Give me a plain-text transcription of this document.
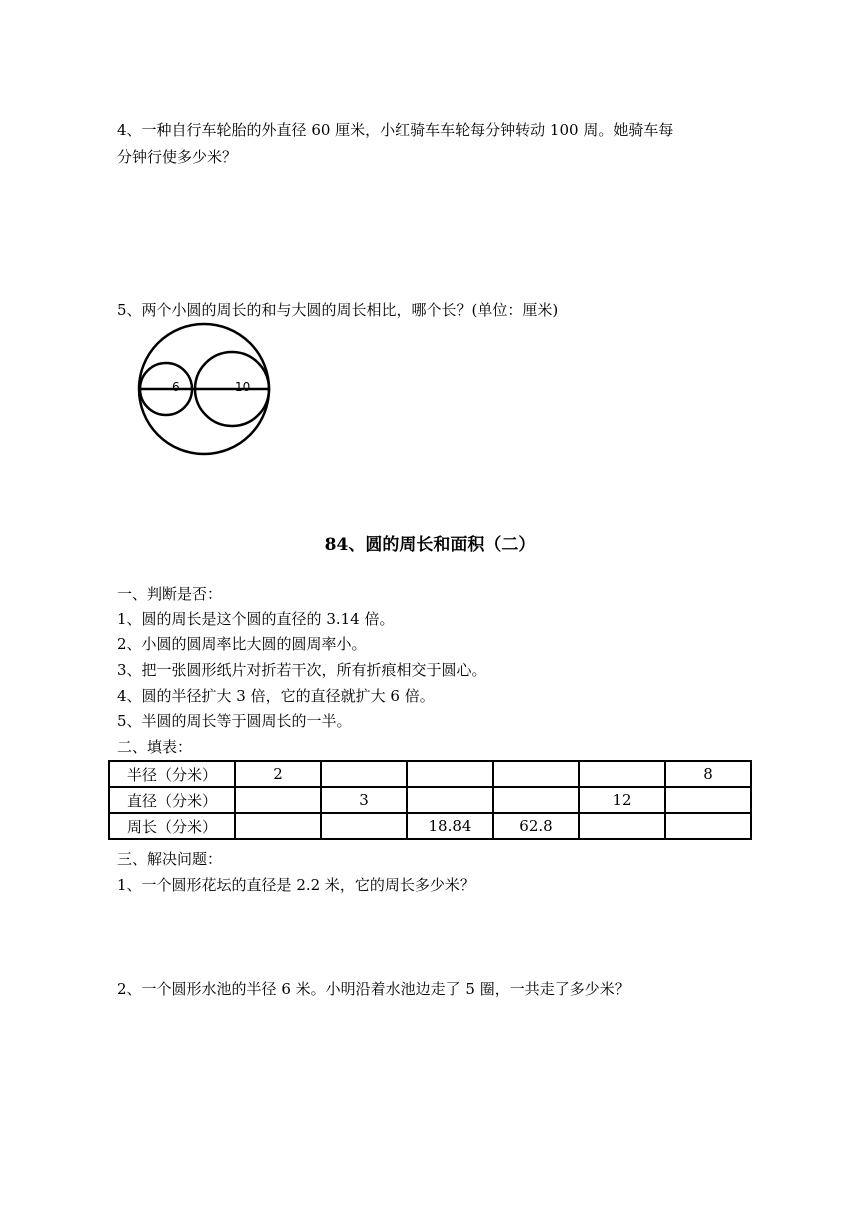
4、一种自行车轮胎的外直径 60 厘米，小红骑车车轮每分钟转动 100 周。她骑车每
分钟行使多少米？
5、两个小圆的周长的和与大圆的周长相比，哪个长？(单位：厘米)
6	10
84、圆的周长和面积（二）
一、判断是否：
1、圆的周长是这个圆的直径的 3.14 倍。
2、小圆的圆周率比大圆的圆周率小。
3、把一张圆形纸片对折若干次，所有折痕相交于圆心。
4、圆的半径扩大 3 倍，它的直径就扩大 6 倍。
5、半圆的周长等于圆周长的一半。
二、填表：
半径（分米）	2					8
直径（分米）		3			12	
周长（分米）			18.84	62.8		
三、解决问题：
1、一个圆形花坛的直径是 2.2 米，它的周长多少米？
2、一个圆形水池的半径 6 米。小明沿着水池边走了 5 圈，一共走了多少米？
